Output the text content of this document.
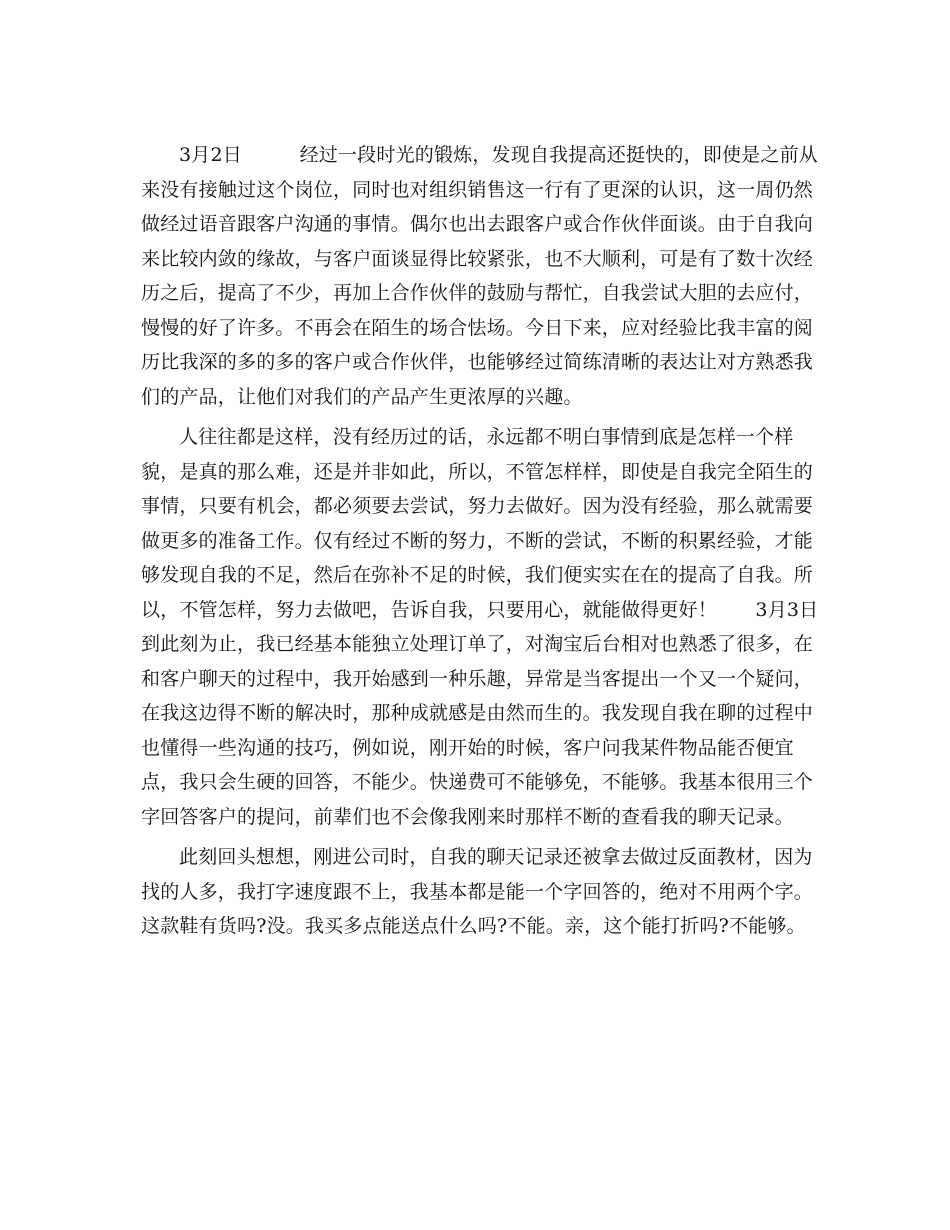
3月2日　　　经过一段时光的锻炼，发现自我提高还挺快的，即使是之前从来没有接触过这个岗位，同时也对组织销售这一行有了更深的认识，这一周仍然做经过语音跟客户沟通的事情。偶尔也出去跟客户或合作伙伴面谈。由于自我向来比较内敛的缘故，与客户面谈显得比较紧张，也不大顺利，可是有了数十次经历之后，提高了不少，再加上合作伙伴的鼓励与帮忙，自我尝试大胆的去应付，慢慢的好了许多。不再会在陌生的场合怯场。今日下来，应对经验比我丰富的阅历比我深的多的多的客户或合作伙伴，也能够经过简练清晰的表达让对方熟悉我们的产品，让他们对我们的产品产生更浓厚的兴趣。

人往往都是这样，没有经历过的话，永远都不明白事情到底是怎样一个样貌，是真的那么难，还是并非如此，所以，不管怎样样，即使是自我完全陌生的事情，只要有机会，都必须要去尝试，努力去做好。因为没有经验，那么就需要做更多的准备工作。仅有经过不断的努力，不断的尝试，不断的积累经验，才能够发现自我的不足，然后在弥补不足的时候，我们便实实在在的提高了自我。所以，不管怎样，努力去做吧，告诉自我，只要用心，就能做得更好！　　3月3日　　　到此刻为止，我已经基本能独立处理订单了，对淘宝后台相对也熟悉了很多，在和客户聊天的过程中，我开始感到一种乐趣，异常是当客提出一个又一个疑问，在我这边得不断的解决时，那种成就感是由然而生的。我发现自我在聊的过程中也懂得一些沟通的技巧，例如说，刚开始的时候，客户问我某件物品能否便宜点，我只会生硬的回答，不能少。快递费可不能够免，不能够。我基本很用三个字回答客户的提问，前辈们也不会像我刚来时那样不断的查看我的聊天记录。

此刻回头想想，刚进公司时，自我的聊天记录还被拿去做过反面教材，因为找的人多，我打字速度跟不上，我基本都是能一个字回答的，绝对不用两个字。这款鞋有货吗?没。我买多点能送点什么吗?不能。亲，这个能打折吗?不能够。
